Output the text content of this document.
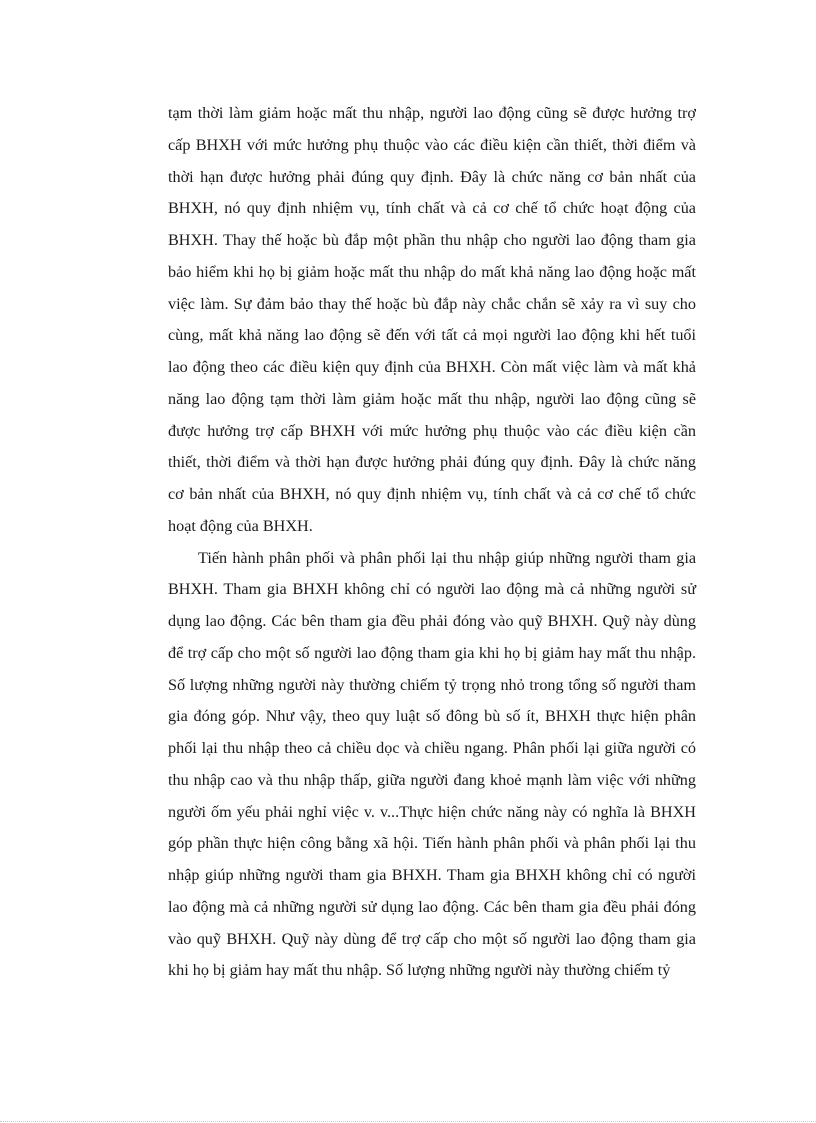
tạm thời làm giảm hoặc mất thu nhập, người lao động cũng sẽ được hưởng trợ cấp BHXH với mức hưởng phụ thuộc vào các điều kiện cần thiết, thời điểm và thời hạn được hưởng phải đúng quy định. Đây là chức năng cơ bản nhất của BHXH, nó quy định nhiệm vụ, tính chất và cả cơ chế tổ chức hoạt động của BHXH. Thay thế hoặc bù đắp một phần thu nhập cho người lao động tham gia bảo hiểm khi họ bị giảm hoặc mất thu nhập do mất khả năng lao động hoặc mất việc làm. Sự đảm bảo thay thế hoặc bù đắp này chắc chắn sẽ xảy ra vì suy cho cùng, mất khả năng lao động sẽ đến với tất cả mọi người lao động khi hết tuổi lao động theo các điều kiện quy định của BHXH. Còn mất việc làm và mất khả năng lao động tạm thời làm giảm hoặc mất thu nhập, người lao động cũng sẽ được hưởng trợ cấp BHXH với mức hưởng phụ thuộc vào các điều kiện cần thiết, thời điểm và thời hạn được hưởng phải đúng quy định. Đây là chức năng cơ bản nhất của BHXH, nó quy định nhiệm vụ, tính chất và cả cơ chế tổ chức hoạt động của BHXH.

Tiến hành phân phối và phân phối lại thu nhập giúp những người tham gia BHXH. Tham gia BHXH không chỉ có người lao động mà cả những người sử dụng lao động. Các bên tham gia đều phải đóng vào quỹ BHXH. Quỹ này dùng để trợ cấp cho một số người lao động tham gia khi họ bị giảm hay mất thu nhập. Số lượng những người này thường chiếm tỷ trọng nhỏ trong tổng số người tham gia đóng góp. Như vậy, theo quy luật số đông bù số ít, BHXH thực hiện phân phối lại thu nhập theo cả chiều dọc và chiều ngang. Phân phối lại giữa người có thu nhập cao và thu nhập thấp, giữa người đang khoẻ mạnh làm việc với những người ốm yếu phải nghỉ việc v. v...Thực hiện chức năng này có nghĩa là BHXH góp phần thực hiện công bằng xã hội. Tiến hành phân phối và phân phối lại thu nhập giúp những người tham gia BHXH. Tham gia BHXH không chỉ có người lao động mà cả những người sử dụng lao động. Các bên tham gia đều phải đóng vào quỹ BHXH. Quỹ này dùng để trợ cấp cho một số người lao động tham gia khi họ bị giảm hay mất thu nhập. Số lượng những người này thường chiếm tỷ
